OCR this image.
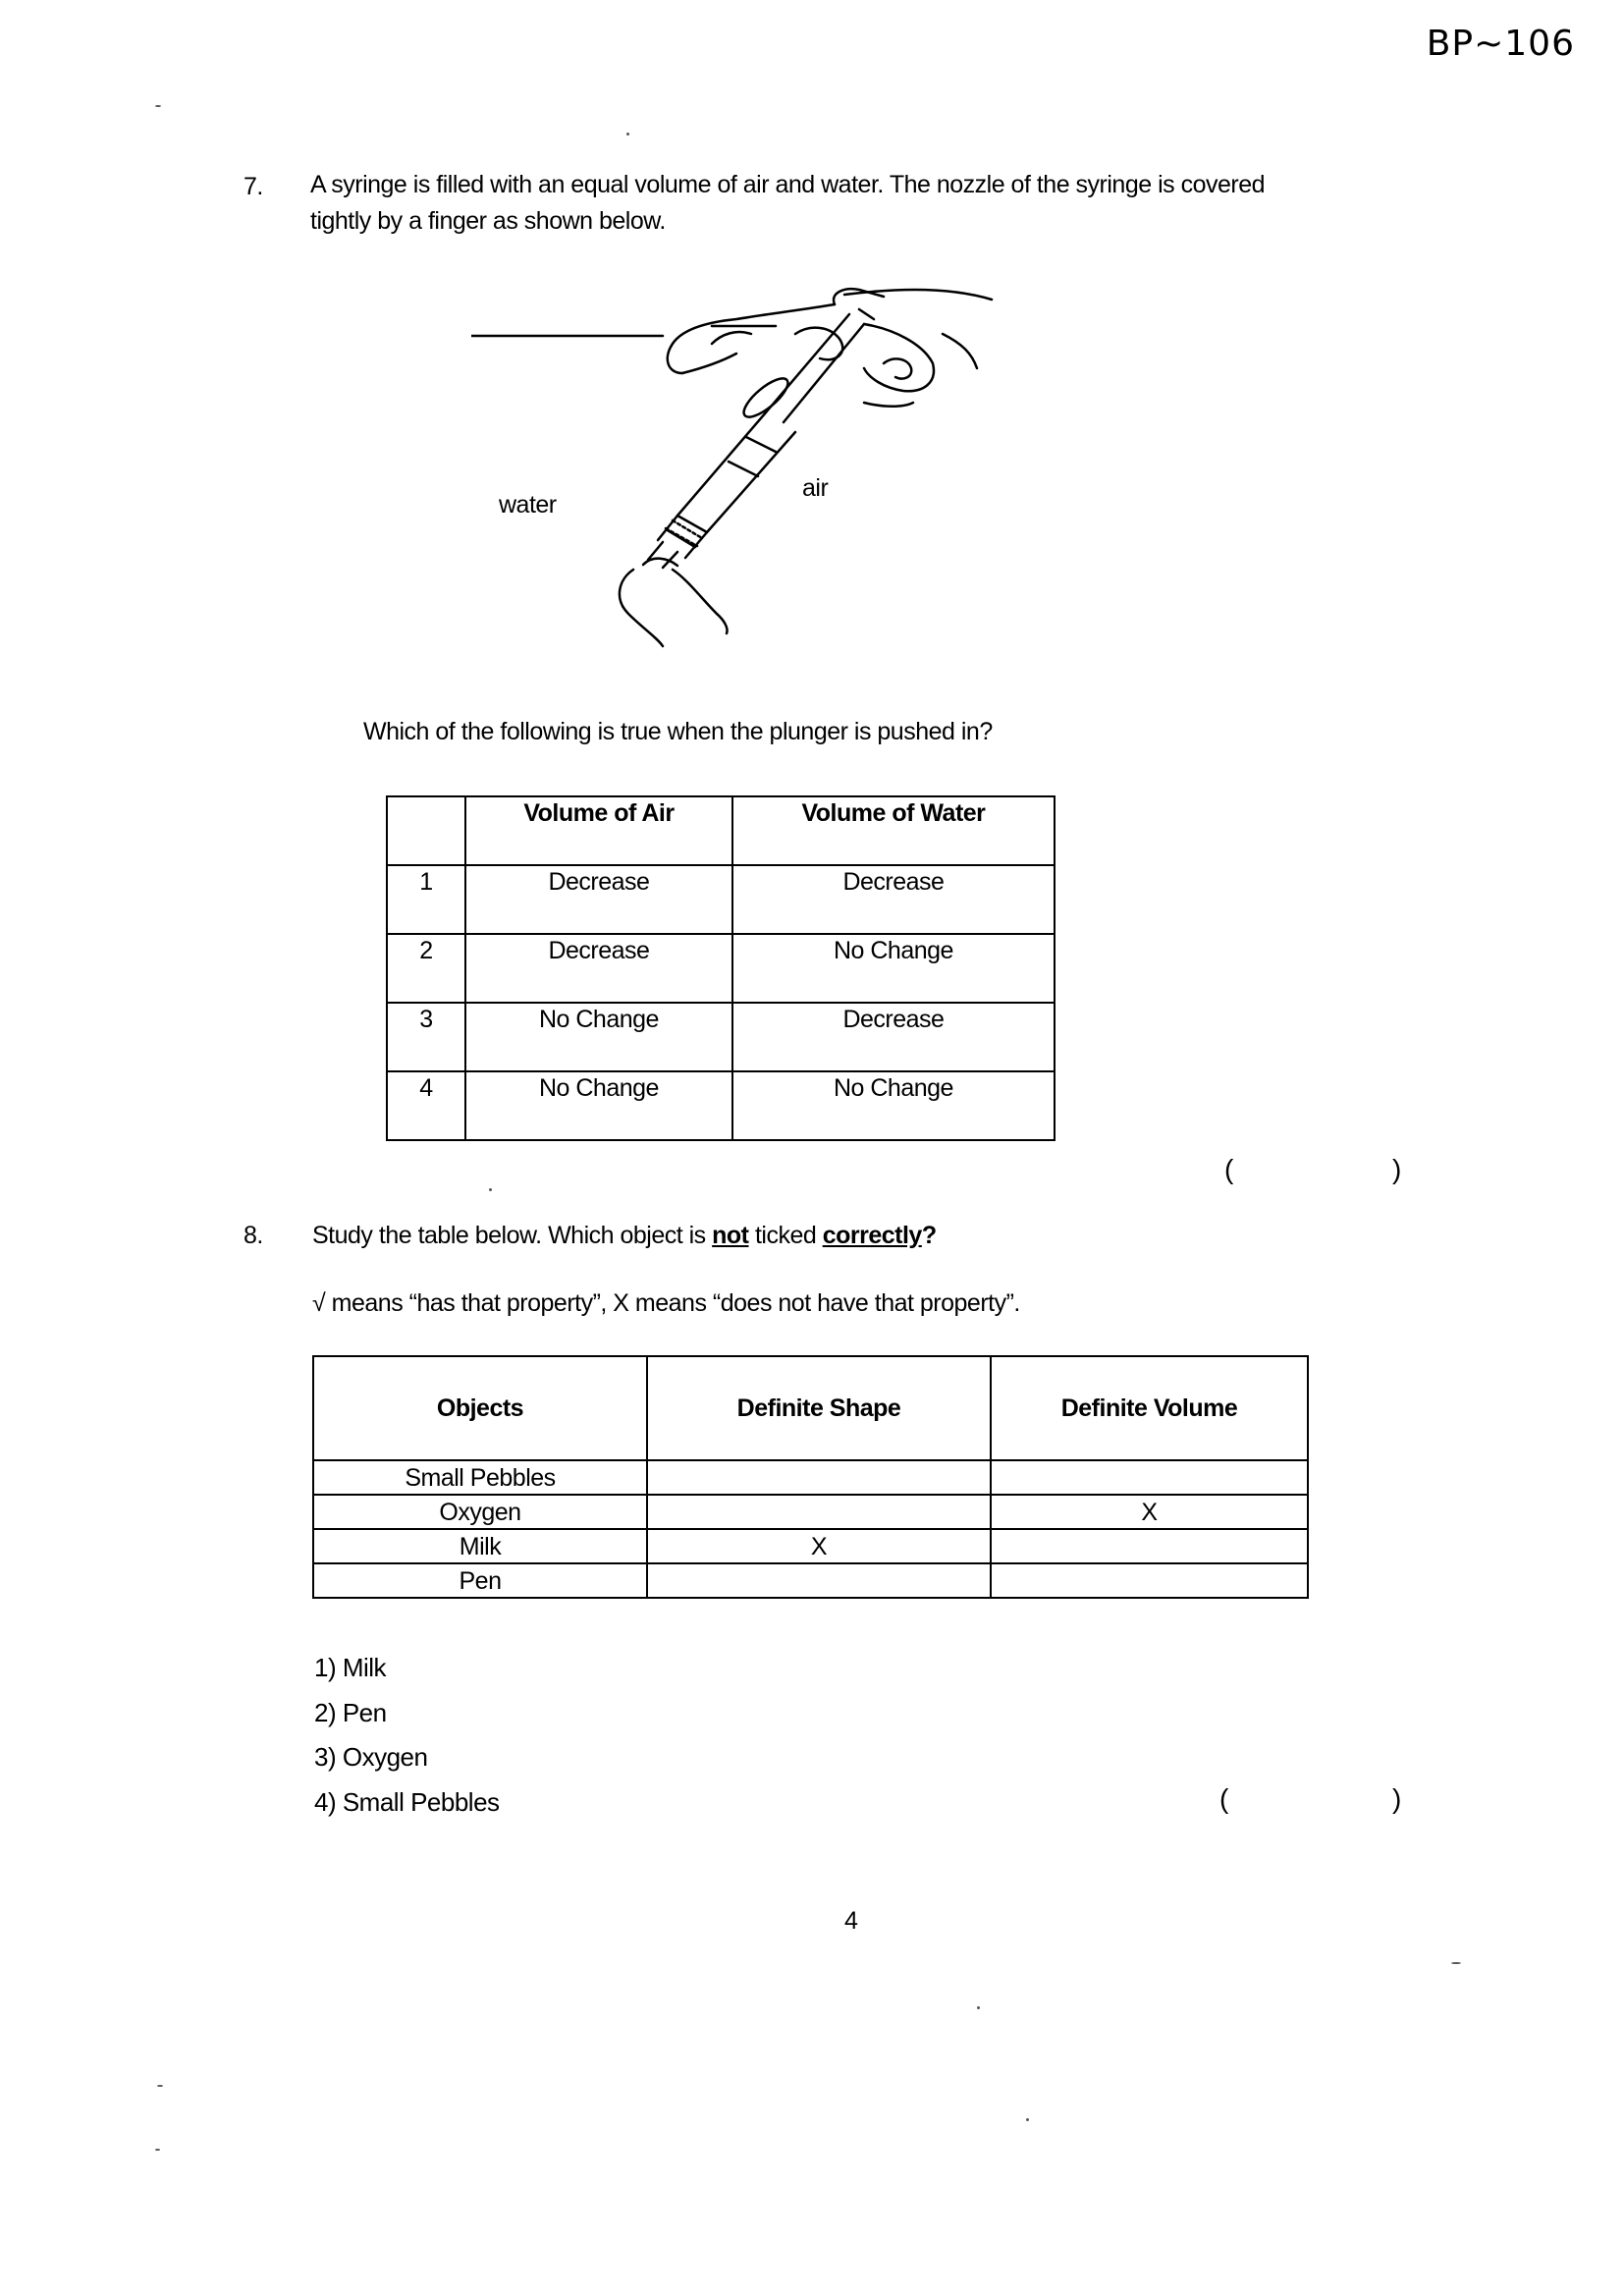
BP~106
7. A syringe is filled with an equal volume of air and water. The nozzle of the syringe is covered
tightly by a finger as shown below.
water
air
Which of the following is true when the plunger is pushed in?
	Volume of Air	Volume of Water
1	Decrease	Decrease
2	Decrease	No Change
3	No Change	Decrease
4	No Change	No Change
(	)
8. Study the table below. Which object is not ticked correctly?
√ means “has that property”, X means “does not have that property”.
Objects	Definite Shape	Definite Volume
Small Pebbles		
Oxygen		X
Milk	X	
Pen		
1) Milk
2) Pen
3) Oxygen
4) Small Pebbles	(	)
4
